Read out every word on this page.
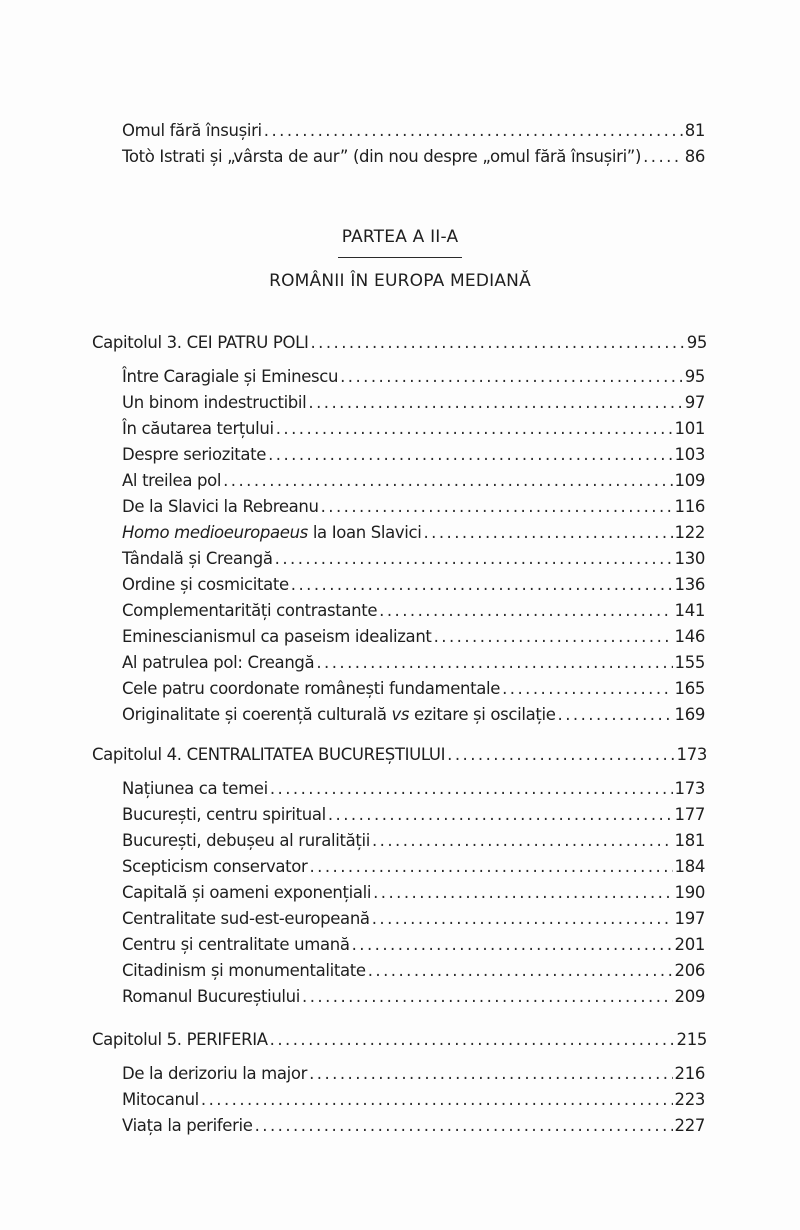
Omul fără însușiri . . .	81
Totò Istrati și „vârsta de aur” (din nou despre „omul fără însușiri”) . . .	86
PARTEA A II-A
ROMÂNII ÎN EUROPA MEDIANĂ
Capitolul 3. CEI PATRU POLI . . .	95
Între Caragiale și Eminescu . . .	95
Un binom indestructibil . . .	97
În căutarea terțului . . .	101
Despre seriozitate . . .	103
Al treilea pol . . .	109
De la Slavici la Rebreanu . . .	116
Homo medioeuropaeus la Ioan Slavici . . .	122
Tândală și Creangă . . .	130
Ordine și cosmicitate . . .	136
Complementarități contrastante . . .	141
Eminescianismul ca paseism idealizant . . .	146
Al patrulea pol: Creangă . . .	155
Cele patru coordonate românești fundamentale . . .	165
Originalitate și coerență culturală vs ezitare și oscilație . . .	169
Capitolul 4. CENTRALITATEA BUCUREȘTIULUI . . .	173
Națiunea ca temei . . .	173
București, centru spiritual . . .	177
București, debușeu al ruralității . . .	181
Scepticism conservator . . .	184
Capitală și oameni exponențiali . . .	190
Centralitate sud-est-europeană . . .	197
Centru și centralitate umană . . .	201
Citadinism și monumentalitate . . .	206
Romanul Bucureștiului . . .	209
Capitolul 5. PERIFERIA . . .	215
De la derizoriu la major . . .	216
Mitocanul . . .	223
Viața la periferie . . .	227
